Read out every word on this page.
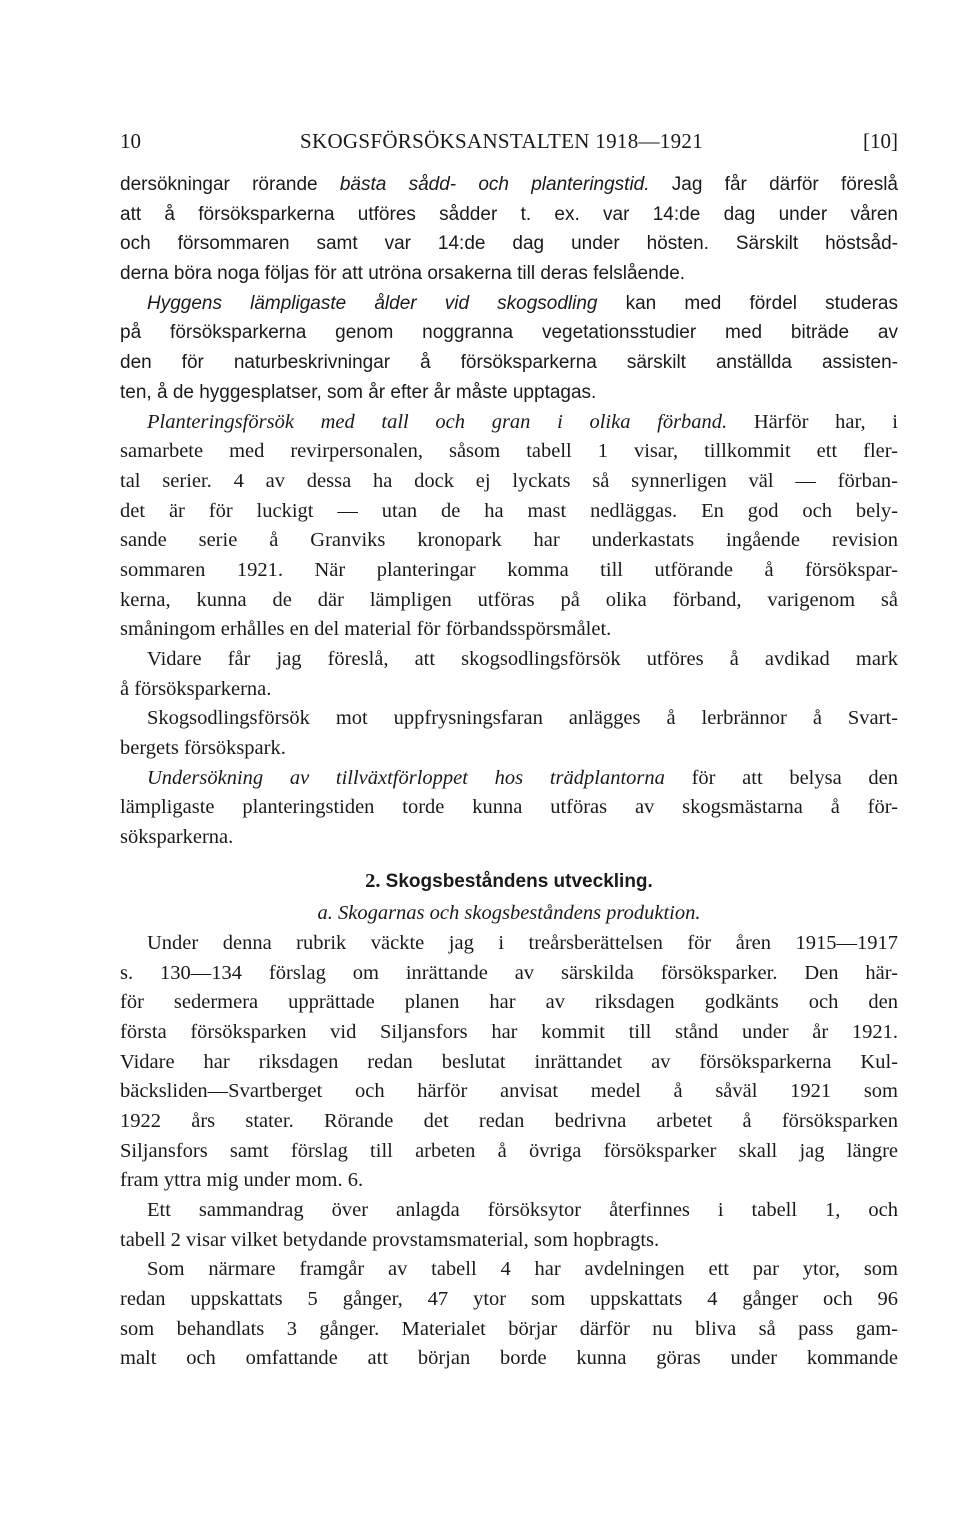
10	SKOGSFÖRSÖKSANSTALTEN 1918—1921	[10]
dersökningar rörande bästa sådd- och planteringstid. Jag får därför föreslå
att å försöksparkerna utföres sådder t. ex. var 14:de dag under våren
och försommaren samt var 14:de dag under hösten. Särskilt höstsåd-
derna böra noga följas för att utröna orsakerna till deras felslående.
Hyggens lämpligaste ålder vid skogsodling kan med fördel studeras
på försöksparkerna genom noggranna vegetationsstudier med biträde av
den för naturbeskrivningar å försöksparkerna särskilt anställda assisten-
ten, å de hyggesplatser, som år efter år måste upptagas.
Planteringsförsök med tall och gran i olika förband. Härför har, i
samarbete med revirpersonalen, såsom tabell 1 visar, tillkommit ett fler-
tal serier. 4 av dessa ha dock ej lyckats så synnerligen väl — förban-
det är för luckigt — utan de ha mast nedläggas. En god och bely-
sande serie å Granviks kronopark har underkastats ingående revision
sommaren 1921. När planteringar komma till utförande å försökspar-
kerna, kunna de där lämpligen utföras på olika förband, varigenom så
småningom erhålles en del material för förbandsspörsmålet.
Vidare får jag föreslå, att skogsodlingsförsök utföres å avdikad mark
å försöksparkerna.
Skogsodlingsförsök mot uppfrysningsfaran anlägges å lerbrännor å Svart-
bergets försökspark.
Undersökning av tillväxtförloppet hos trädplantorna för att belysa den
lämpligaste planteringstiden torde kunna utföras av skogsmästarna å för-
söksparkerna.
2. Skogsbeståndens utveckling.
a. Skogarnas och skogsbeståndens produktion.
Under denna rubrik väckte jag i treårsberättelsen för åren 1915—1917
s. 130—134 förslag om inrättande av särskilda försöksparker. Den här-
för sedermera upprättade planen har av riksdagen godkänts och den
första försöksparken vid Siljansfors har kommit till stånd under år 1921.
Vidare har riksdagen redan beslutat inrättandet av försöksparkerna Kul-
bäcksliden—Svartberget och härför anvisat medel å såväl 1921 som
1922 års stater. Rörande det redan bedrivna arbetet å försöksparken
Siljansfors samt förslag till arbeten å övriga försöksparker skall jag längre
fram yttra mig under mom. 6.
Ett sammandrag över anlagda försöksytor återfinnes i tabell 1, och
tabell 2 visar vilket betydande provstamsmaterial, som hopbragts.
Som närmare framgår av tabell 4 har avdelningen ett par ytor, som
redan uppskattats 5 gånger, 47 ytor som uppskattats 4 gånger och 96
som behandlats 3 gånger. Materialet börjar därför nu bliva så pass gam-
malt och omfattande att början borde kunna göras under kommande
